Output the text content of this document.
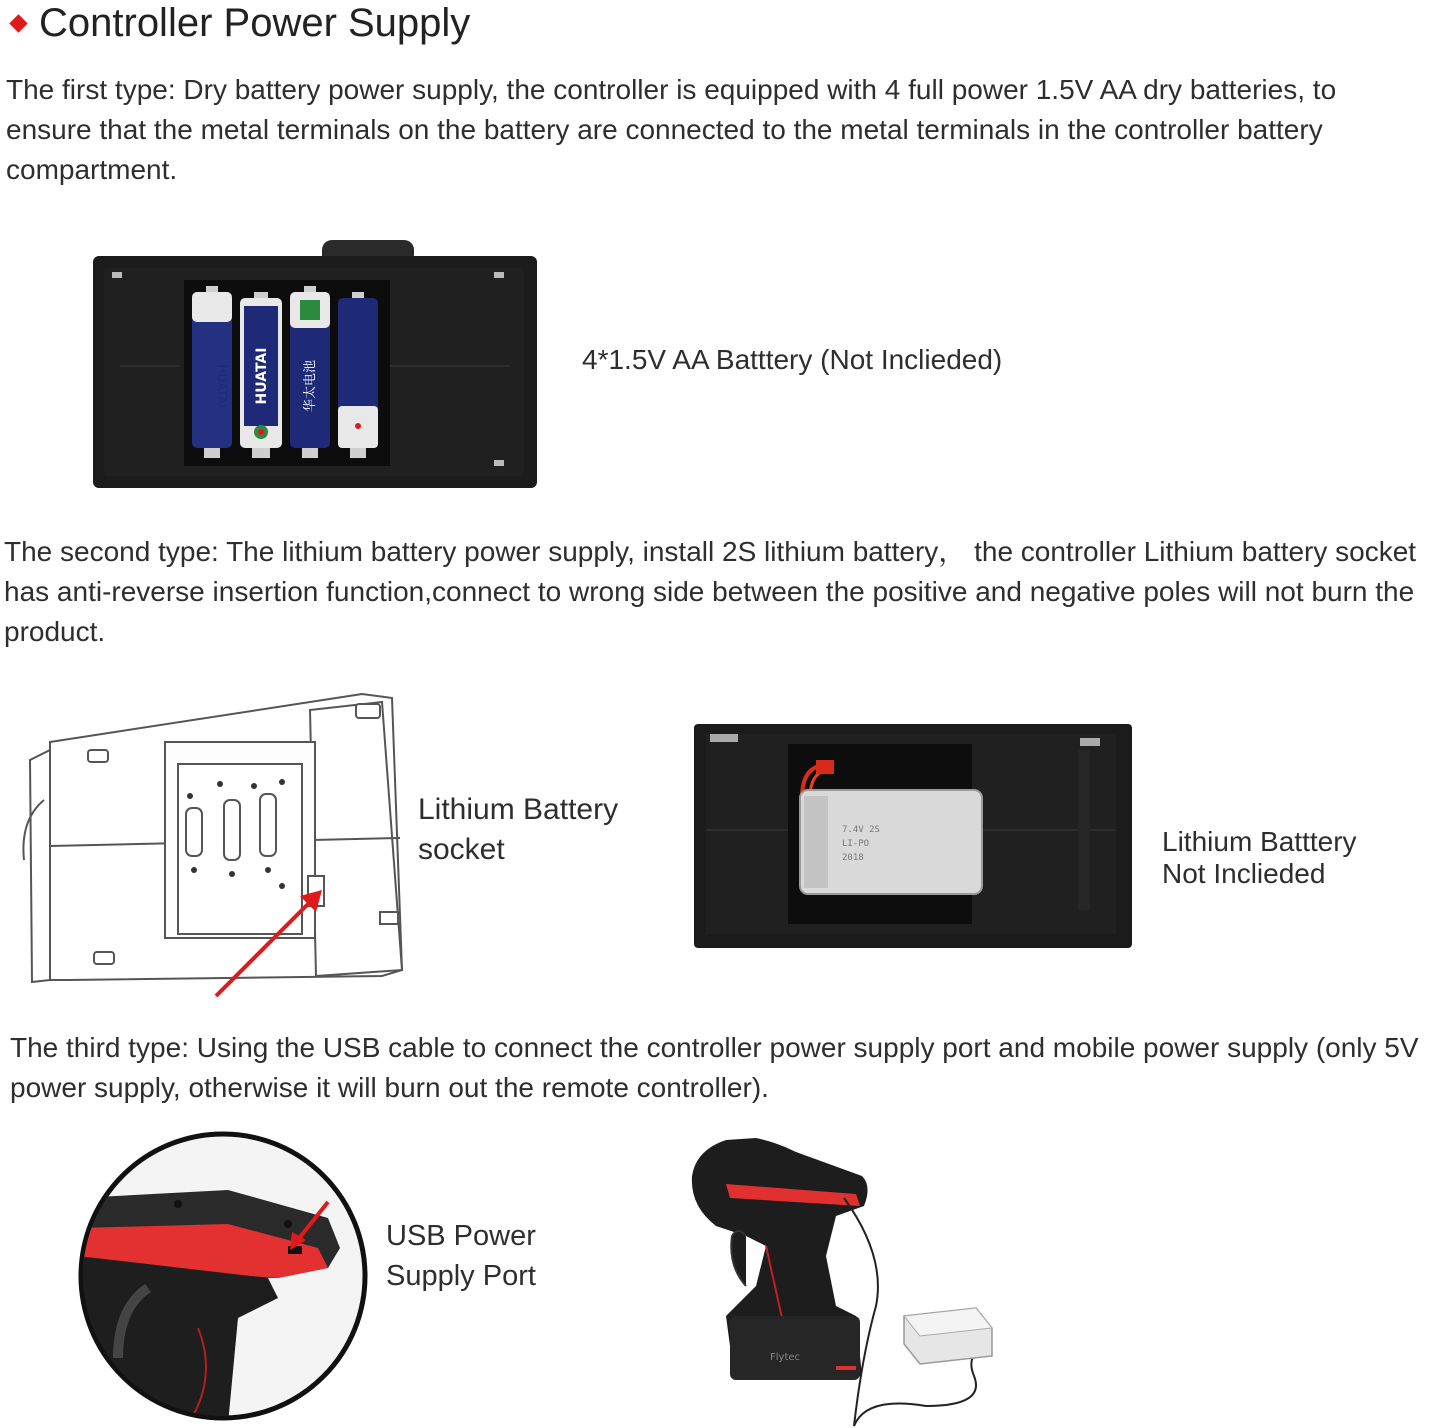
Controller Power Supply
The first type: Dry battery power supply, the controller is equipped with 4 full power 1.5V AA dry batteries, to ensure that the metal terminals on the battery are connected to the metal terminals in the controller battery compartment.
HUATAI HUATAI	华太电池
4*1.5V AA Batttery (Not Inclieded)
The second type: The lithium battery power supply, install 2S lithium battery， the controller Lithium battery socket has anti-reverse insertion function,connect to wrong side between the positive and negative poles will not burn the product.
Lithium Battery
socket
7.4V 2S
LI-PO
2018
Lithium Batttery
Not Inclieded
The third type: Using the USB cable to connect the controller power supply port and mobile power supply (only 5V power supply, otherwise it will burn out the remote controller).
USB Power
Supply Port
Flytec
